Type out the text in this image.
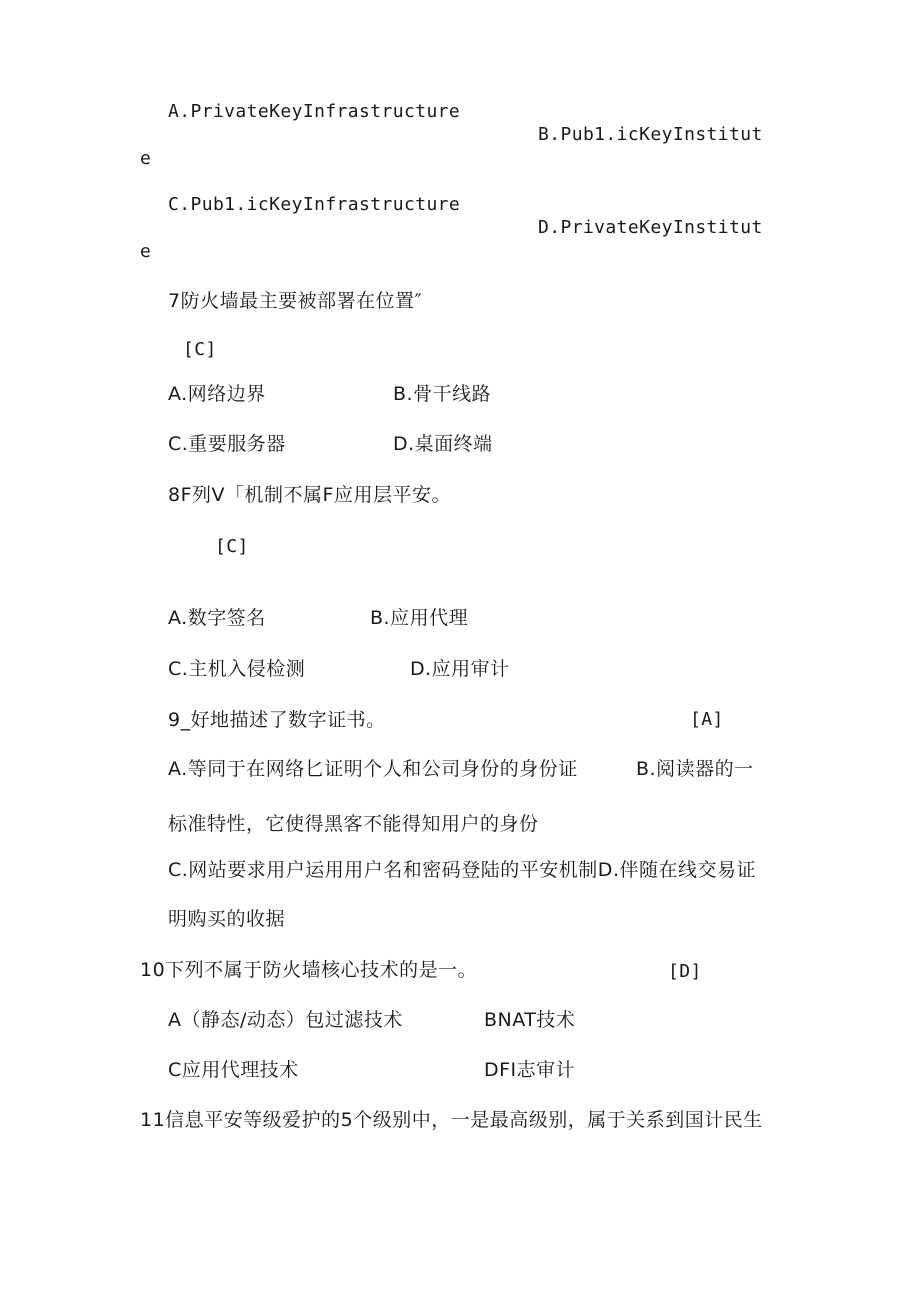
A.PrivateKeyInfrastructure
B.Pub1.icKeyInstitut
e
C.Pub1.icKeyInfrastructure
D.PrivateKeyInstitut
e
7防火墙最主要被部署在位置″
[C]
A.网络边界	B.骨干线路
C.重要服务器	D.桌面终端
8F列V「机制不属F应用层平安。
[C]
A.数字签名	B.应用代理
C.主机入侵检测	D.应用审计
9_好地描述了数字证书。	[A]
A.等同于在网络匕证明个人和公司身份的身份证	B.阅读器的一
标准特性，它使得黑客不能得知用户的身份
C.网站要求用户运用用户名和密码登陆的平安机制D.伴随在线交易证
明购买的收据
10下列不属于防火墙核心技术的是一。	[D]
A（静态/动态）包过滤技术	BNAT技术
C应用代理技术	DFI志审计
11信息平安等级爱护的5个级别中，一是最高级别，属于关系到国计民生
